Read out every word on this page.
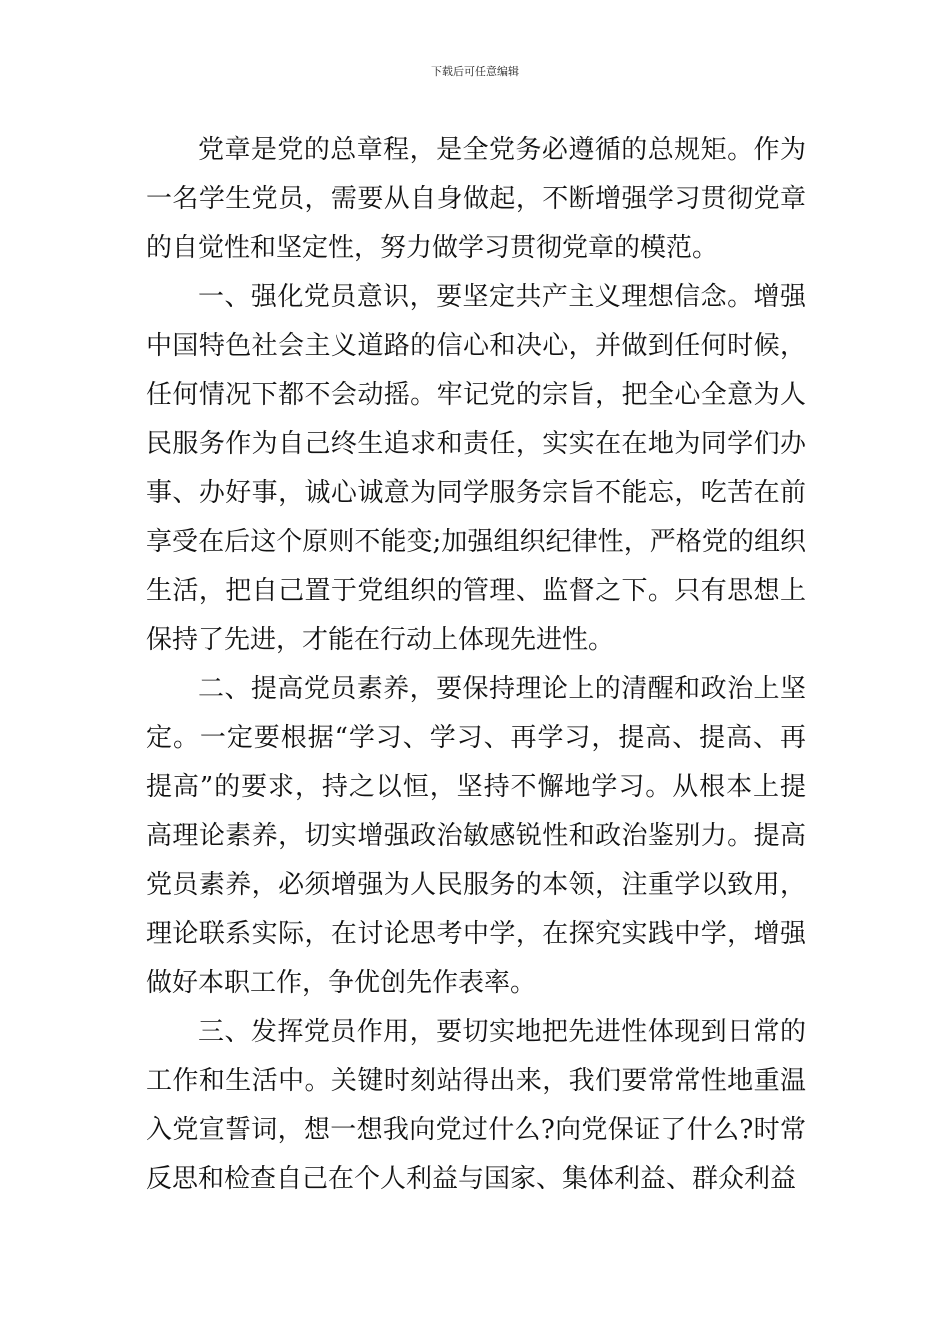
下载后可任意编辑

党章是党的总章程，是全党务必遵循的总规矩。作为一名学生党员，需要从自身做起，不断增强学习贯彻党章的自觉性和坚定性，努力做学习贯彻党章的模范。

一、强化党员意识，要坚定共产主义理想信念。增强中国特色社会主义道路的信心和决心，并做到任何时候，任何情况下都不会动摇。牢记党的宗旨，把全心全意为人民服务作为自己终生追求和责任，实实在在地为同学们办事、办好事，诚心诚意为同学服务宗旨不能忘，吃苦在前享受在后这个原则不能变;加强组织纪律性，严格党的组织生活，把自己置于党组织的管理、监督之下。只有思想上保持了先进，才能在行动上体现先进性。

二、提高党员素养，要保持理论上的清醒和政治上坚定。一定要根据“学习、学习、再学习，提高、提高、再提高”的要求，持之以恒，坚持不懈地学习。从根本上提高理论素养，切实增强政治敏感锐性和政治鉴别力。提高党员素养，必须增强为人民服务的本领，注重学以致用，理论联系实际，在讨论思考中学，在探究实践中学，增强做好本职工作，争优创先作表率。

三、发挥党员作用，要切实地把先进性体现到日常的工作和生活中。关键时刻站得出来，我们要常常性地重温入党宣誓词，想一想我向党过什么?向党保证了什么?时常反思和检查自己在个人利益与国家、集体利益、群众利益
